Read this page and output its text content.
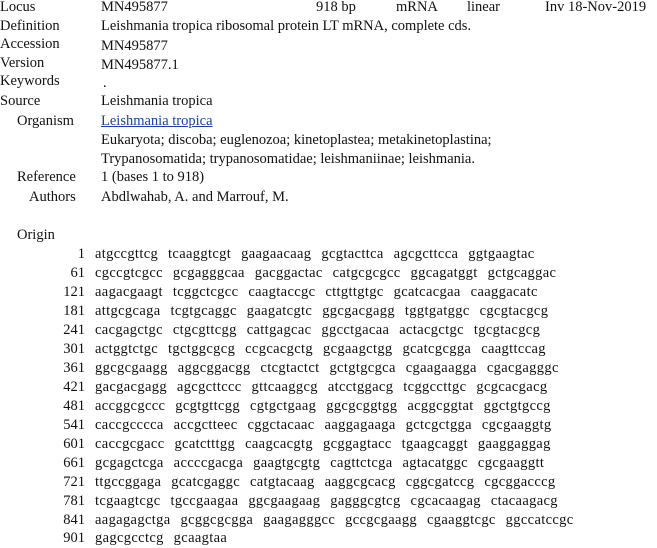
Locus	MN495877	918 bp	mRNA linear	Inv 18-Nov-2019
Definition	Leishmania tropica ribosomal protein LT mRNA, complete cds.
Accession	MN495877
Version	MN495877.1
Keywords	.
Source	Leishmania tropica
Organism Leishmania tropica
Eukaryota; discoba; euglenozoa; kinetoplastea; metakinetoplastina;
Trypanosomatida; trypanosomatidae; leishmaniinae; leishmania.
Reference 1 (bases 1 to 918)
Authors Abdlwahab, A. and Marrouf, M.
Origin
1 atgccgttcg tcaaggtcgt gaagaacaag gcgtacttca agcgcttcca ggtgaagtac
61 cgccgtcgcc gcgagggcaa gacggactac catgcgcgcc ggcagatggt gctgcaggac
121 aagacgaagt tcggctcgcc caagtaccgc cttgttgtgc gcatcacgaa caaggacatc
181 attgcgcaga tcgtgcaggc gaagatcgtc ggcgacgagg tggtgatggc cgcgtacgcg
241 cacgagctgc ctgcgttcgg cattgagcac ggcctgacaa actacgctgc tgcgtacgcg
301 actggtctgc tgctggcgcg ccgcacgctg gcgaagctgg gcatcgcgga caagttccag
361 ggcgcgaagg aggcggacgg ctcgtactct gctgtgcgca cgaagaagga cgacgagggc
421 gacgacgagg agcgcttccc gttcaaggcg atcctggacg tcggccttgc gcgcacgacg
481 accggcgccc gcgtgttcgg cgtgctgaag ggcgcggtgg acggcggtat ggctgtgccg
541 caccgcccca accgctteec cggctacaac aaggagaaga gctcgctgga cgcgaaggtg
601 caccgcgacc gcatctttgg caagcacgtg gcggagtacc tgaagcaggt gaaggaggag
661 gcgagctcga accccgacga gaagtgcgtg cagttctcga agtacatggc cgcgaaggtt
721 ttgccggaga gcatcgaggc catgtacaag aaggcgcacg cggcgatccg cgcggacccg
781 tcgaagtcgc tgccgaagaa ggcgaagaag gagggcgtcg cgcacaagag ctacaagacg
841 aagagagctga gcggcgcgga gaagagggcc gccgcgaagg cgaaggtcgc ggccatccgc
901 gagcgcctcg gcaagtaa
